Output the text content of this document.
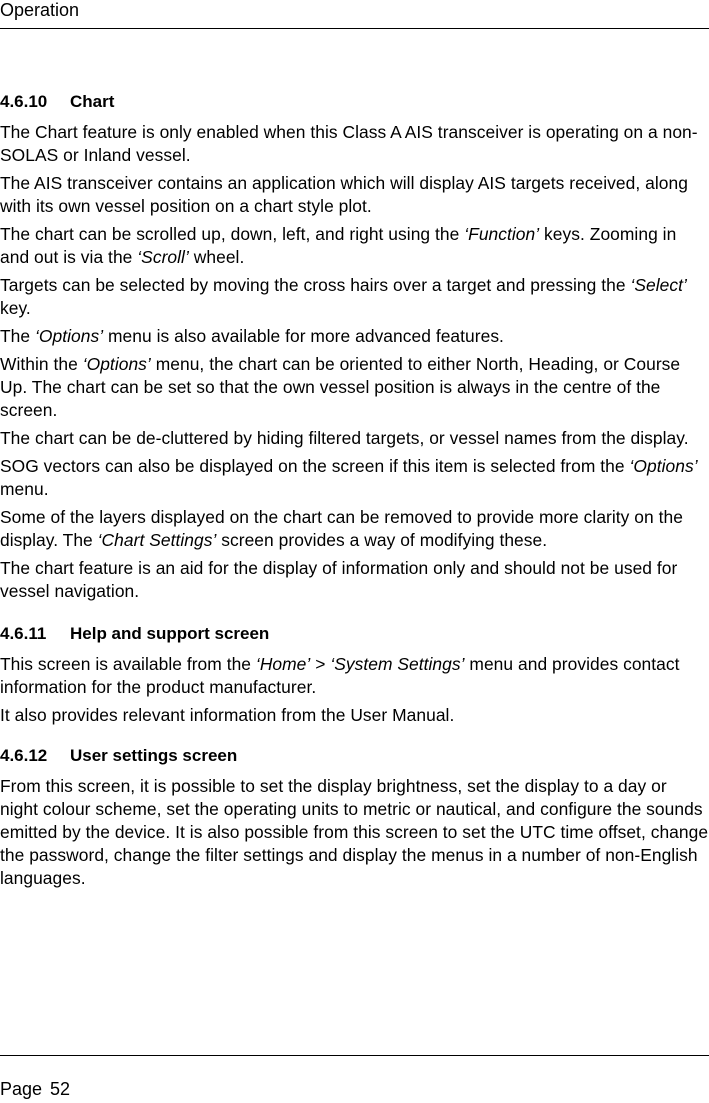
Operation
4.6.10 Chart

The Chart feature is only enabled when this Class A AIS transceiver is operating on a non-SOLAS or Inland vessel.

The AIS transceiver contains an application which will display AIS targets received, along with its own vessel position on a chart style plot.

The chart can be scrolled up, down, left, and right using the ‘Function’ keys. Zooming in and out is via the ‘Scroll’ wheel.

Targets can be selected by moving the cross hairs over a target and pressing the ‘Select’ key.

The ‘Options’ menu is also available for more advanced features.

Within the ‘Options’ menu, the chart can be oriented to either North, Heading, or Course Up. The chart can be set so that the own vessel position is always in the centre of the screen.

The chart can be de-cluttered by hiding filtered targets, or vessel names from the display.

SOG vectors can also be displayed on the screen if this item is selected from the ‘Options’ menu.

Some of the layers displayed on the chart can be removed to provide more clarity on the display. The ‘Chart Settings’ screen provides a way of modifying these.

The chart feature is an aid for the display of information only and should not be used for vessel navigation.

4.6.11 Help and support screen

This screen is available from the ‘Home’ > ‘System Settings’ menu and provides contact information for the product manufacturer.

It also provides relevant information from the User Manual.

4.6.12 User settings screen

From this screen, it is possible to set the display brightness, set the display to a day or night colour scheme, set the operating units to metric or nautical, and configure the sounds emitted by the device. It is also possible from this screen to set the UTC time offset, change the password, change the filter settings and display the menus in a number of non-English languages.

Page 52
